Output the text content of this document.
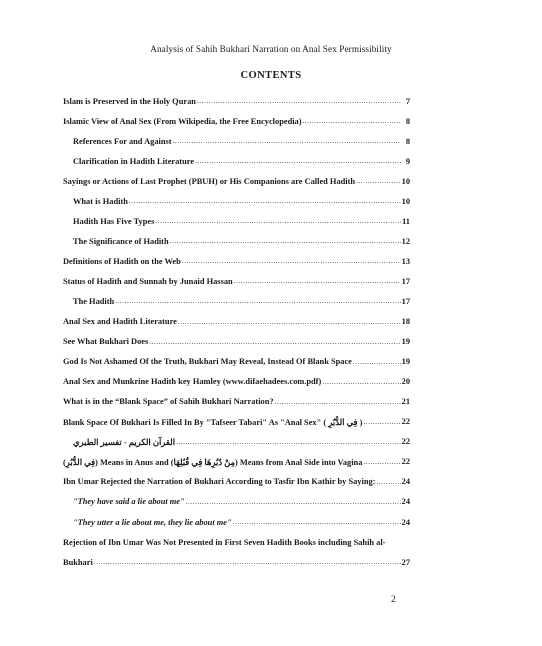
Analysis of Sahih Bukhari Narration on Anal Sex Permissibility
CONTENTS
Islam is Preserved in the Holy Quran .....	7
Islamic View of Anal Sex (From Wikipedia, the Free Encyclopedia) .....	8
References For and Against .....	8
Clarification in Hadith Literature .....	9
Sayings or Actions of Last Prophet (PBUH) or His Companions are Called Hadith .....	10
What is Hadith .....	10
Hadith Has Five Types .....	11
The Significance of Hadith .....	12
Definitions of Hadith on the Web .....	13
Status of Hadith and Sunnah by Junaid Hassan .....	17
The Hadith .....	17
Anal Sex and Hadith Literature .....	18
See What Bukhari Does .....	19
God Is Not Ashamed Of the Truth, Bukhari May Reveal, Instead Of Blank Space .....	19
Anal Sex and Munkrine Hadith key Hamley (www.difaehadees.com.pdf) .....	20
What is in the “Blank Space” of Sahih Bukhari Narration? .....	21
Blank Space Of Bukhari Is Filled In By "Tafseer Tabari" As "Anal Sex" ( فِي الدُّبُرِ ) .....	22
القرآن الكريم - تفسير الطبري .....	22
(فِي الدُّبُرِ) Means in Anus and (مِنْ دُبُرِهَا فِي قُبُلِهَا) Means from Anal Side into Vagina .....	22
Ibn Umar Rejected the Narration of Bukhari According to Tasfir Ibn Kathir by Saying: .....	24
"They have said a lie about me" .....	24
"They utter a lie about me, they lie about me" .....	24
Rejection of Ibn Umar Was Not Presented in First Seven Hadith Books including Sahih al-
Bukhari .....	27
2
